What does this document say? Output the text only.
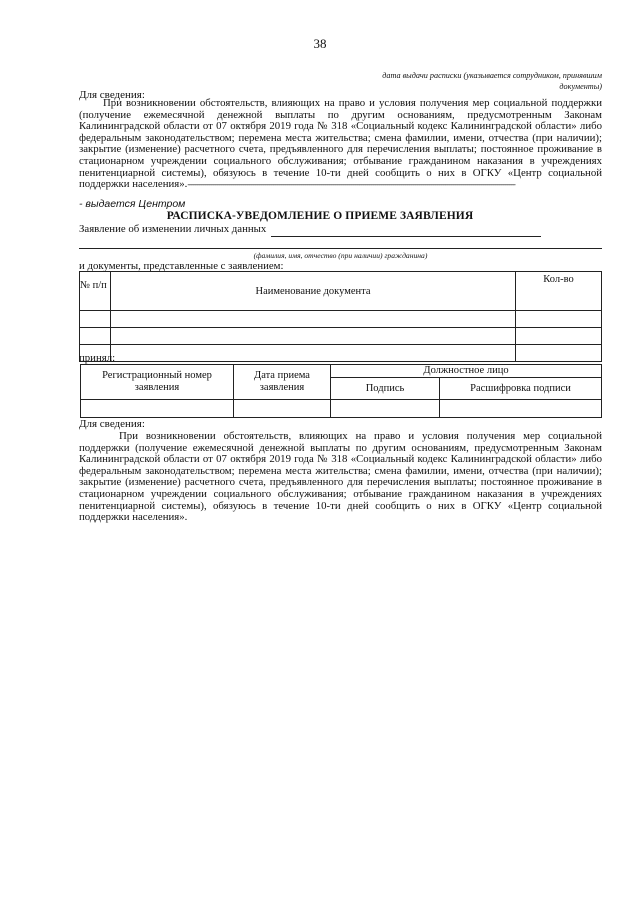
38
дата выдачи расписки (указывается сотрудником, принявшим документы)
Для сведения:
При возникновении обстоятельств, влияющих на право и условия получения мер социальной поддержки (получение ежемесячной денежной выплаты по другим основаниям, предусмотренным Законам Калининградской области от 07 октября 2019 года № 318 «Социальный кодекс Калининградской области» либо федеральным законодательством; перемена места жительства; смена фамилии, имени, отчества (при наличии); закрытие (изменение) расчетного счета, предъявленного для перечисления выплаты; постоянное проживание в стационарном учреждении социального обслуживания; отбывание гражданином наказания в учреждениях пенитенциарной системы), обязуюсь в течение 10-ти дней сообщить о них в ОГКУ «Центр социальной поддержки населения».--------------------------------------------------------------------------------------------------------------------------------------------------------------------
- выдается Центром
РАСПИСКА-УВЕДОМЛЕНИЕ О ПРИЕМЕ ЗАЯВЛЕНИЯ
Заявление об изменении личных данных
(фамилия, имя, отчество (при наличии) гражданина)
и документы, представленные с заявлением:
№ п/п	Наименование документа	Кол-во

принял:
Регистрационный номер заявления	Дата приема заявления	Должностное лицо	
		Подпись	Расшифровка подписи

Для сведения:
При возникновении обстоятельств, влияющих на право и условия получения мер социальной поддержки (получение ежемесячной денежной выплаты по другим основаниям, предусмотренным Законам Калининградской области от 07 октября 2019 года № 318 «Социальный кодекс Калининградской области» либо федеральным законодательством; перемена места жительства; смена фамилии, имени, отчества (при наличии); закрытие (изменение) расчетного счета, предъявленного для перечисления выплаты; постоянное проживание в стационарном учреждении социального обслуживания; отбывание гражданином наказания в учреждениях пенитенциарной системы), обязуюсь в течение 10-ти дней сообщить о них в ОГКУ «Центр социальной поддержки населения».
